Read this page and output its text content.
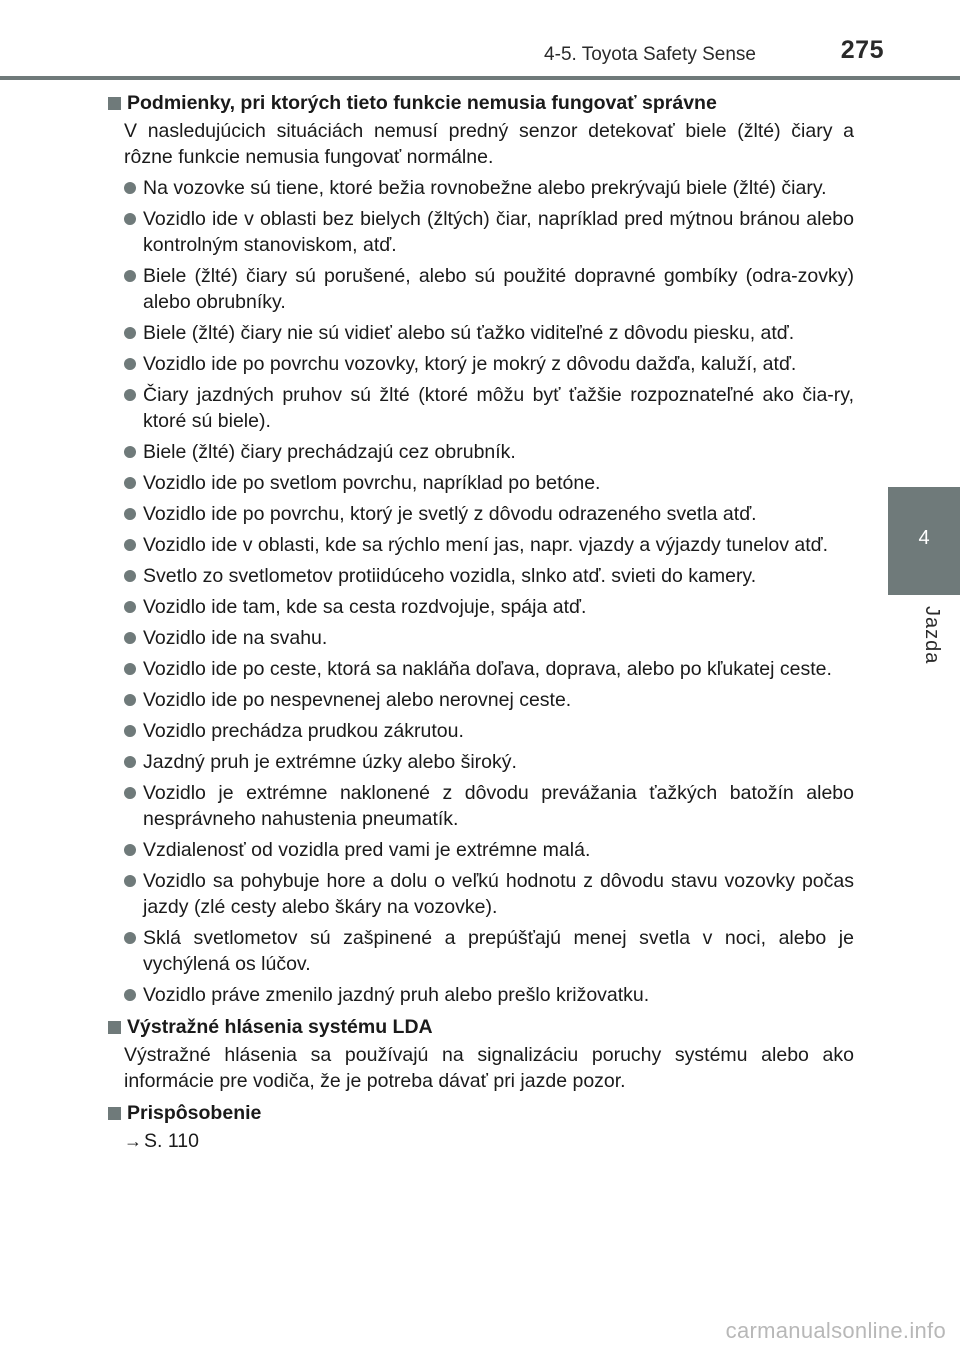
4-5. Toyota Safety Sense	275
4
Jazda
Podmienky, pri ktorých tieto funkcie nemusia fungovať správne

V nasledujúcich situáciách nemusí predný senzor detekovať biele (žlté) čiary a rôzne funkcie nemusia fungovať normálne.

Na vozovke sú tiene, ktoré bežia rovnobežne alebo prekrývajú biele (žlté) čiary.
Vozidlo ide v oblasti bez bielych (žltých) čiar, napríklad pred mýtnou bránou alebo kontrolným stanoviskom, atď.
Biele (žlté) čiary sú porušené, alebo sú použité dopravné gombíky (odra-zovky) alebo obrubníky.
Biele (žlté) čiary nie sú vidieť alebo sú ťažko viditeľné z dôvodu piesku, atď.
Vozidlo ide po povrchu vozovky, ktorý je mokrý z dôvodu dažďa, kaluží, atď.
Čiary jazdných pruhov sú žlté (ktoré môžu byť ťažšie rozpoznateľné ako čia-ry, ktoré sú biele).
Biele (žlté) čiary prechádzajú cez obrubník.
Vozidlo ide po svetlom povrchu, napríklad po betóne.
Vozidlo ide po povrchu, ktorý je svetlý z dôvodu odrazeného svetla atď.
Vozidlo ide v oblasti, kde sa rýchlo mení jas, napr. vjazdy a výjazdy tunelov atď.
Svetlo zo svetlometov protiidúceho vozidla, slnko atď. svieti do kamery.
Vozidlo ide tam, kde sa cesta rozdvojuje, spája atď.
Vozidlo ide na svahu.
Vozidlo ide po ceste, ktorá sa nakláňa doľava, doprava, alebo po kľukatej ceste.
Vozidlo ide po nespevnenej alebo nerovnej ceste.
Vozidlo prechádza prudkou zákrutou.
Jazdný pruh je extrémne úzky alebo široký.
Vozidlo je extrémne naklonené z dôvodu prevážania ťažkých batožín alebo nesprávneho nahustenia pneumatík.
Vzdialenosť od vozidla pred vami je extrémne malá.
Vozidlo sa pohybuje hore a dolu o veľkú hodnotu z dôvodu stavu vozovky počas jazdy (zlé cesty alebo škáry na vozovke).
Sklá svetlometov sú zašpinené a prepúšťajú menej svetla v noci, alebo je vychýlená os lúčov.
Vozidlo práve zmenilo jazdný pruh alebo prešlo križovatku.
Výstražné hlásenia systému LDA

Výstražné hlásenia sa používajú na signalizáciu poruchy systému alebo ako informácie pre vodiča, že je potreba dávať pri jazde pozor.

Prispôsobenie
→ S. 110
carmanualsonline.info
